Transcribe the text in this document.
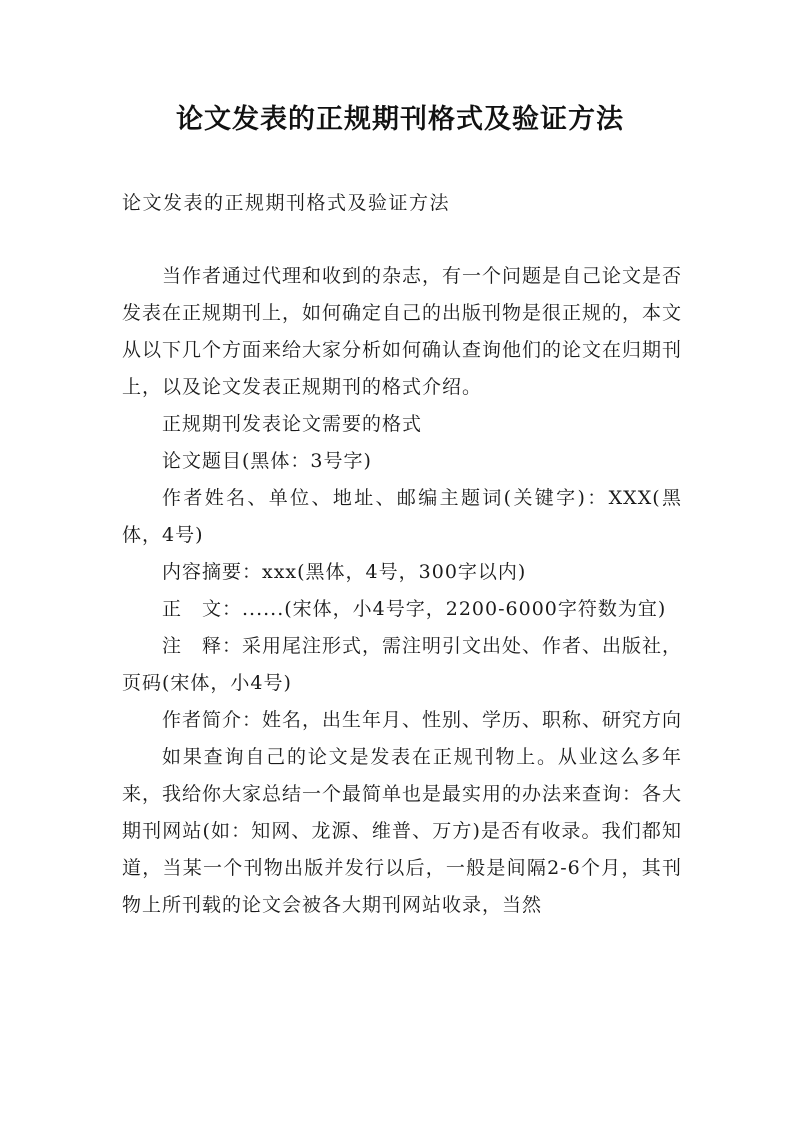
论文发表的正规期刊格式及验证方法
论文发表的正规期刊格式及验证方法

当作者通过代理和收到的杂志，有一个问题是自己论文是否发表在正规期刊上，如何确定自己的出版刊物是很正规的，本文从以下几个方面来给大家分析如何确认查询他们的论文在归期刊上，以及论文发表正规期刊的格式介绍。

正规期刊发表论文需要的格式

论文题目(黑体：3号字)

作者姓名、单位、地址、邮编主题词(关键字)：XXX(黑体，4号)

内容摘要：xxx(黑体，4号，300字以内)

正　文：......(宋体，小4号字，2200-6000字符数为宜)

注　释：采用尾注形式，需注明引文出处、作者、出版社，页码(宋体，小4号)

作者简介：姓名，出生年月、性别、学历、职称、研究方向

如果查询自己的论文是发表在正规刊物上。从业这么多年来，我给你大家总结一个最简单也是最实用的办法来查询：各大期刊网站(如：知网、龙源、维普、万方)是否有收录。我们都知道，当某一个刊物出版并发行以后，一般是间隔2-6个月，其刊物上所刊载的论文会被各大期刊网站收录，当然
